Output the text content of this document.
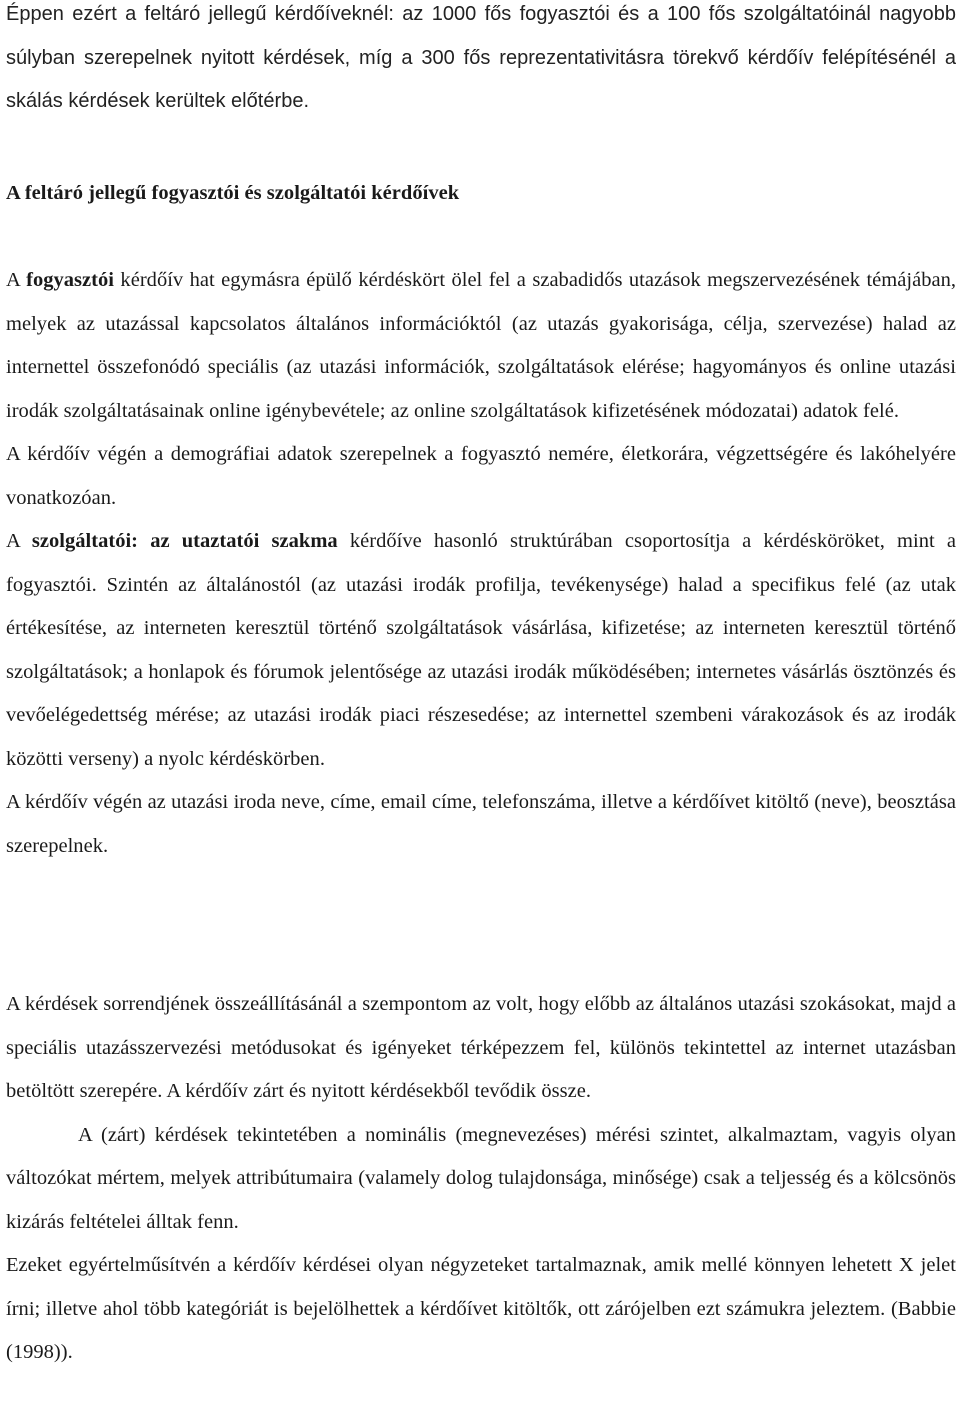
Éppen ezért a feltáró jellegű kérdőíveknél: az 1000 fős fogyasztói és a 100 fős szolgáltatóinál nagyobb súlyban szerepelnek nyitott kérdések, míg a 300 fős reprezentativitásra törekvő kérdőív felépítésénél a skálás kérdések kerültek előtérbe.

A feltáró jellegű fogyasztói és szolgáltatói kérdőívek

A fogyasztói kérdőív hat egymásra épülő kérdéskört ölel fel a szabadidős utazások megszervezésének témájában, melyek az utazással kapcsolatos általános információktól (az utazás gyakorisága, célja, szervezése) halad az internettel összefonódó speciális (az utazási információk, szolgáltatások elérése; hagyományos és online utazási irodák szolgáltatásainak online igénybevétele; az online szolgáltatások kifizetésének módozatai) adatok felé.

A kérdőív végén a demográfiai adatok szerepelnek a fogyasztó nemére, életkorára, végzettségére és lakóhelyére vonatkozóan.

A szolgáltatói: az utaztatói szakma kérdőíve hasonló struktúrában csoportosítja a kérdésköröket, mint a fogyasztói. Szintén az általánostól (az utazási irodák profilja, tevékenysége) halad a specifikus felé (az utak értékesítése, az interneten keresztül történő szolgáltatások vásárlása, kifizetése; az interneten keresztül történő szolgáltatások; a honlapok és fórumok jelentősége az utazási irodák működésében; internetes vásárlás ösztönzés és vevőelégedettség mérése; az utazási irodák piaci részesedése; az internettel szembeni várakozások és az irodák közötti verseny) a nyolc kérdéskörben.

A kérdőív végén az utazási iroda neve, címe, email címe, telefonszáma, illetve a kérdőívet kitöltő (neve), beosztása szerepelnek.

A kérdések sorrendjének összeállításánál a szempontom az volt, hogy előbb az általános utazási szokásokat, majd a speciális utazásszervezési metódusokat és igényeket térképezzem fel, különös tekintettel az internet utazásban betöltött szerepére. A kérdőív zárt és nyitott kérdésekből tevődik össze.

A (zárt) kérdések tekintetében a nominális (megnevezéses) mérési szintet, alkalmaztam, vagyis olyan változókat mértem, melyek attribútumaira (valamely dolog tulajdonsága, minősége) csak a teljesség és a kölcsönös kizárás feltételei álltak fenn.

Ezeket egyértelműsítvén a kérdőív kérdései olyan négyzeteket tartalmaznak, amik mellé könnyen lehetett X jelet írni; illetve ahol több kategóriát is bejelölhettek a kérdőívet kitöltők, ott zárójelben ezt számukra jeleztem. (Babbie (1998)).
